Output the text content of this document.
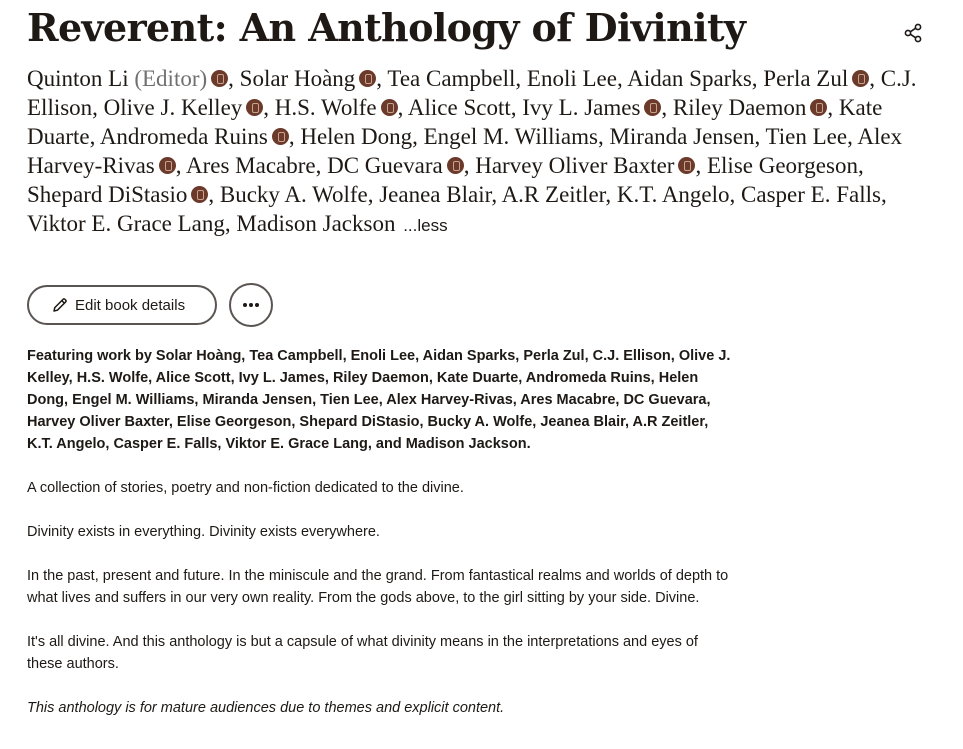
Reverent: An Anthology of Divinity
Quinton Li (Editor) , Solar Hoàng , Tea Campbell, Enoli Lee, Aidan Sparks, Perla Zul , C.J. Ellison, Olive J. Kelley , H.S. Wolfe , Alice Scott, Ivy L. James , Riley Daemon , Kate Duarte, Andromeda Ruins , Helen Dong, Engel M. Williams, Miranda Jensen, Tien Lee, Alex Harvey-Rivas , Ares Macabre, DC Guevara , Harvey Oliver Baxter , Elise Georgeson, Shepard DiStasio , Bucky A. Wolfe, Jeanea Blair, A.R Zeitler, K.T. Angelo, Casper E. Falls, Viktor E. Grace Lang, Madison Jackson ...less
Edit book details

Featuring work by Solar Hoàng, Tea Campbell, Enoli Lee, Aidan Sparks, Perla Zul, C.J. Ellison, Olive J. Kelley, H.S. Wolfe, Alice Scott, Ivy L. James, Riley Daemon, Kate Duarte, Andromeda Ruins, Helen Dong, Engel M. Williams, Miranda Jensen, Tien Lee, Alex Harvey-Rivas, Ares Macabre, DC Guevara, Harvey Oliver Baxter, Elise Georgeson, Shepard DiStasio, Bucky A. Wolfe, Jeanea Blair, A.R Zeitler, K.T. Angelo, Casper E. Falls, Viktor E. Grace Lang, and Madison Jackson.

A collection of stories, poetry and non-fiction dedicated to the divine.

Divinity exists in everything. Divinity exists everywhere.

In the past, present and future. In the miniscule and the grand. From fantastical realms and worlds of depth to what lives and suffers in our very own reality. From the gods above, to the girl sitting by your side. Divine.

It's all divine. And this anthology is but a capsule of what divinity means in the interpretations and eyes of these authors.

This anthology is for mature audiences due to themes and explicit content.
